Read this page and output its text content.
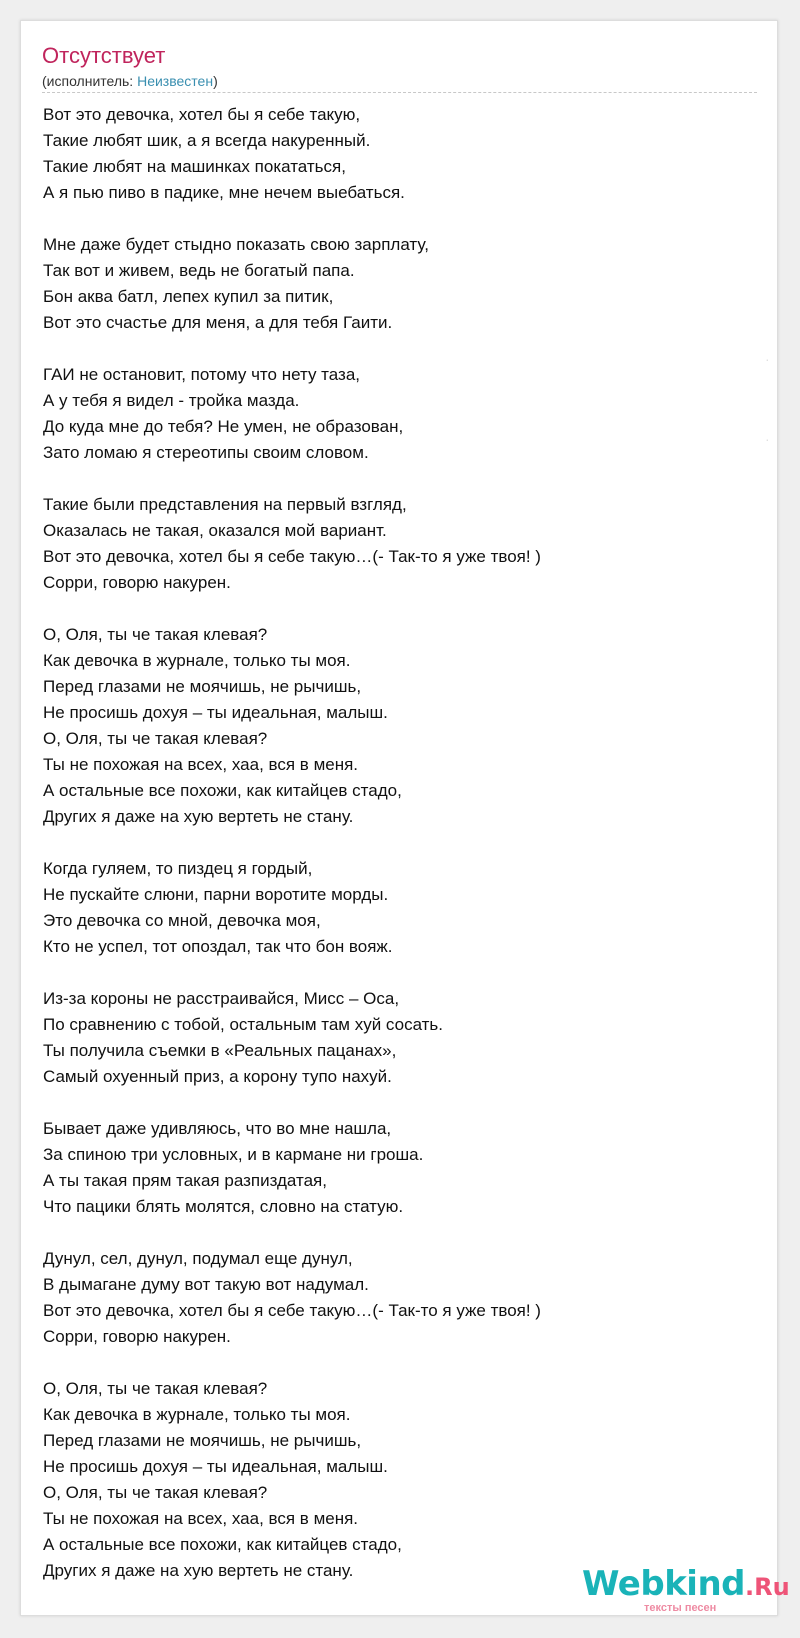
Отсутствует
(исполнитель: Неизвестен)
Вот это девочка, хотел бы я себе такую,
Такие любят шик, а я всегда накуренный.
Такие любят на машинках покататься,
А я пью пиво в падике, мне нечем выебаться.
Мне даже будет стыдно показать свою зарплату,
Так вот и живем, ведь не богатый папа.
Бон аква батл, лепех купил за питик,
Вот это счастье для меня, а для тебя Гаити.
ГАИ не остановит, потому что нету таза,
А у тебя я видел - тройка мазда.
До куда мне до тебя? Не умен, не образован,
Зато ломаю я стереотипы своим словом.
Такие были представления на первый взгляд,
Оказалась не такая, оказался мой вариант.
Вот это девочка, хотел бы я себе такую…(- Так-то я уже твоя! )
Сорри, говорю накурен.
О, Оля, ты че такая клевая?
Как девочка в журнале, только ты моя.
Перед глазами не моячишь, не рычишь,
Не просишь дохуя – ты идеальная, малыш.
О, Оля, ты че такая клевая?
Ты не похожая на всех, хаа, вся в меня.
А остальные все похожи, как китайцев стадо,
Других я даже на хую вертеть не стану.
Когда гуляем, то пиздец я гордый,
Не пускайте слюни, парни воротите морды.
Это девочка со мной, девочка моя,
Кто не успел, тот опоздал, так что бон вояж.
Из-за короны не расстраивайся, Мисс – Оса,
По сравнению с тобой, остальным там хуй сосать.
Ты получила съемки в «Реальных пацанах»,
Самый охуенный приз, а корону тупо нахуй.
Бывает даже удивляюсь, что во мне нашла,
За спиною три условных, и в кармане ни гроша.
А ты такая прям такая разпиздатая,
Что пацики блять молятся, словно на статую.
Дунул, сел, дунул, подумал еще дунул,
В дымагане думу вот такую вот надумал.
Вот это девочка, хотел бы я себе такую…(- Так-то я уже твоя! )
Сорри, говорю накурен.
О, Оля, ты че такая клевая?
Как девочка в журнале, только ты моя.
Перед глазами не моячишь, не рычишь,
Не просишь дохуя – ты идеальная, малыш.
О, Оля, ты че такая клевая?
Ты не похожая на всех, хаа, вся в меня.
А остальные все похожи, как китайцев стадо,
Других я даже на хую вертеть не стану.
·
·
Webkind.Ru
тексты песен
